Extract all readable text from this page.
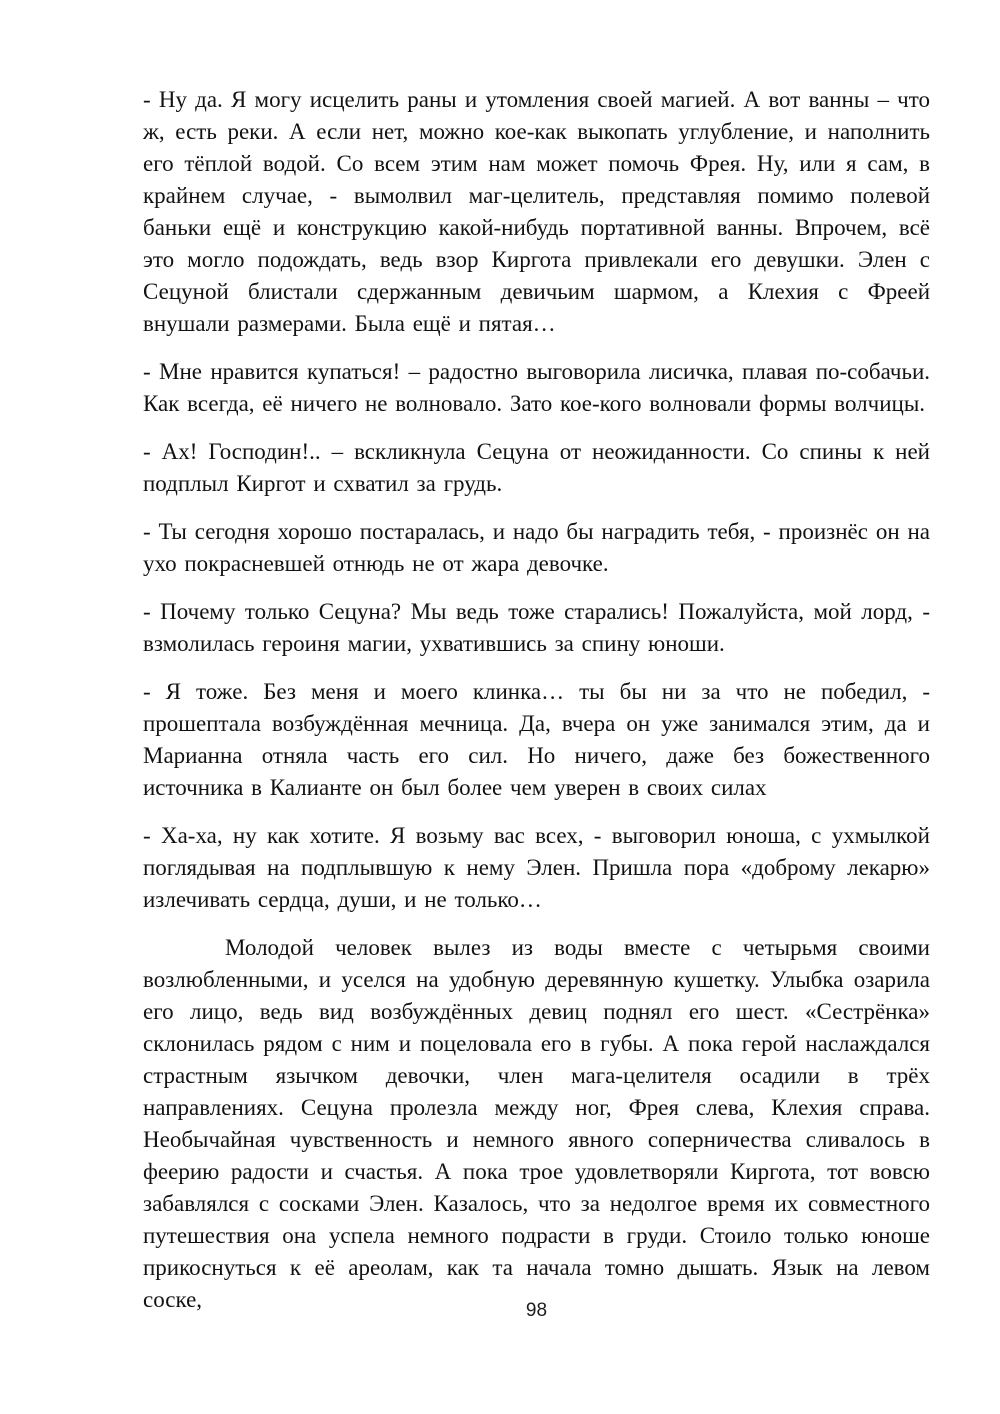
- Ну да. Я могу исцелить раны и утомления своей магией. А вот ванны – что ж, есть реки. А если нет, можно кое-как выкопать углубление, и наполнить его тёплой водой. Со всем этим нам может помочь Фрея. Ну, или я сам, в крайнем случае, - вымолвил маг-целитель, представляя помимо полевой баньки ещё и конструкцию какой-нибудь портативной ванны. Впрочем, всё это могло подождать, ведь взор Киргота привлекали его девушки. Элен с Сецуной блистали сдержанным девичьим шармом, а Клехия с Фреей внушали размерами. Была ещё и пятая…

- Мне нравится купаться! – радостно выговорила лисичка, плавая по-собачьи. Как всегда, её ничего не волновало. Зато кое-кого волновали формы волчицы.

- Ах! Господин!.. – вскликнула Сецуна от неожиданности. Со спины к ней подплыл Киргот и схватил за грудь.

- Ты сегодня хорошо постаралась, и надо бы наградить тебя, - произнёс он на ухо покрасневшей отнюдь не от жара девочке.

- Почему только Сецуна? Мы ведь тоже старались! Пожалуйста, мой лорд, - взмолилась героиня магии, ухватившись за спину юноши.

- Я тоже. Без меня и моего клинка… ты бы ни за что не победил, - прошептала возбуждённая мечница. Да, вчера он уже занимался этим, да и Марианна отняла часть его сил. Но ничего, даже без божественного источника в Калианте он был более чем уверен в своих силах

- Ха-ха, ну как хотите. Я возьму вас всех, - выговорил юноша, с ухмылкой поглядывая на подплывшую к нему Элен. Пришла пора «доброму лекарю» излечивать сердца, души, и не только…

Молодой человек вылез из воды вместе с четырьмя своими возлюбленными, и уселся на удобную деревянную кушетку. Улыбка озарила его лицо, ведь вид возбуждённых девиц поднял его шест. «Сестрёнка» склонилась рядом с ним и поцеловала его в губы. А пока герой наслаждался страстным язычком девочки, член мага-целителя осадили в трёх направлениях. Сецуна пролезла между ног, Фрея слева, Клехия справа. Необычайная чувственность и немного явного соперничества сливалось в феерию радости и счастья. А пока трое удовлетворяли Киргота, тот вовсю забавлялся с сосками Элен. Казалось, что за недолгое время их совместного путешествия она успела немного подрасти в груди. Стоило только юноше прикоснуться к её ареолам, как та начала томно дышать. Язык на левом соске,	98
